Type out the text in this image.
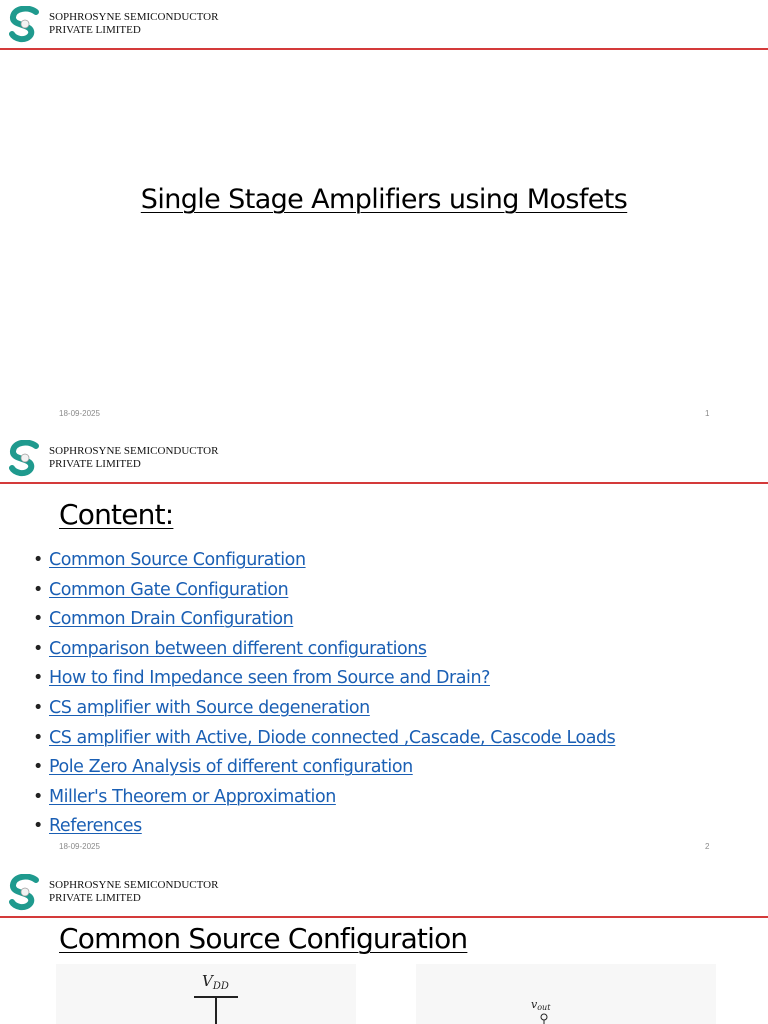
SOPHROSYNE SEMICONDUCTOR
PRIVATE LIMITED
Single Stage Amplifiers using Mosfets
18-09-2025	1
SOPHROSYNE SEMICONDUCTOR
PRIVATE LIMITED
Content:
• Common Source Configuration
• Common Gate Configuration
• Common Drain Configuration
• Comparison between different configurations
• How to find Impedance seen from Source and Drain?
• CS amplifier with Source degeneration
• CS amplifier with Active, Diode connected ,Cascade, Cascode Loads
• Pole Zero Analysis of different configuration
• Miller's Theorem or Approximation
• References
18-09-2025	2
SOPHROSYNE SEMICONDUCTOR
PRIVATE LIMITED
Common Source Configuration
$V_{DD}$
vout
